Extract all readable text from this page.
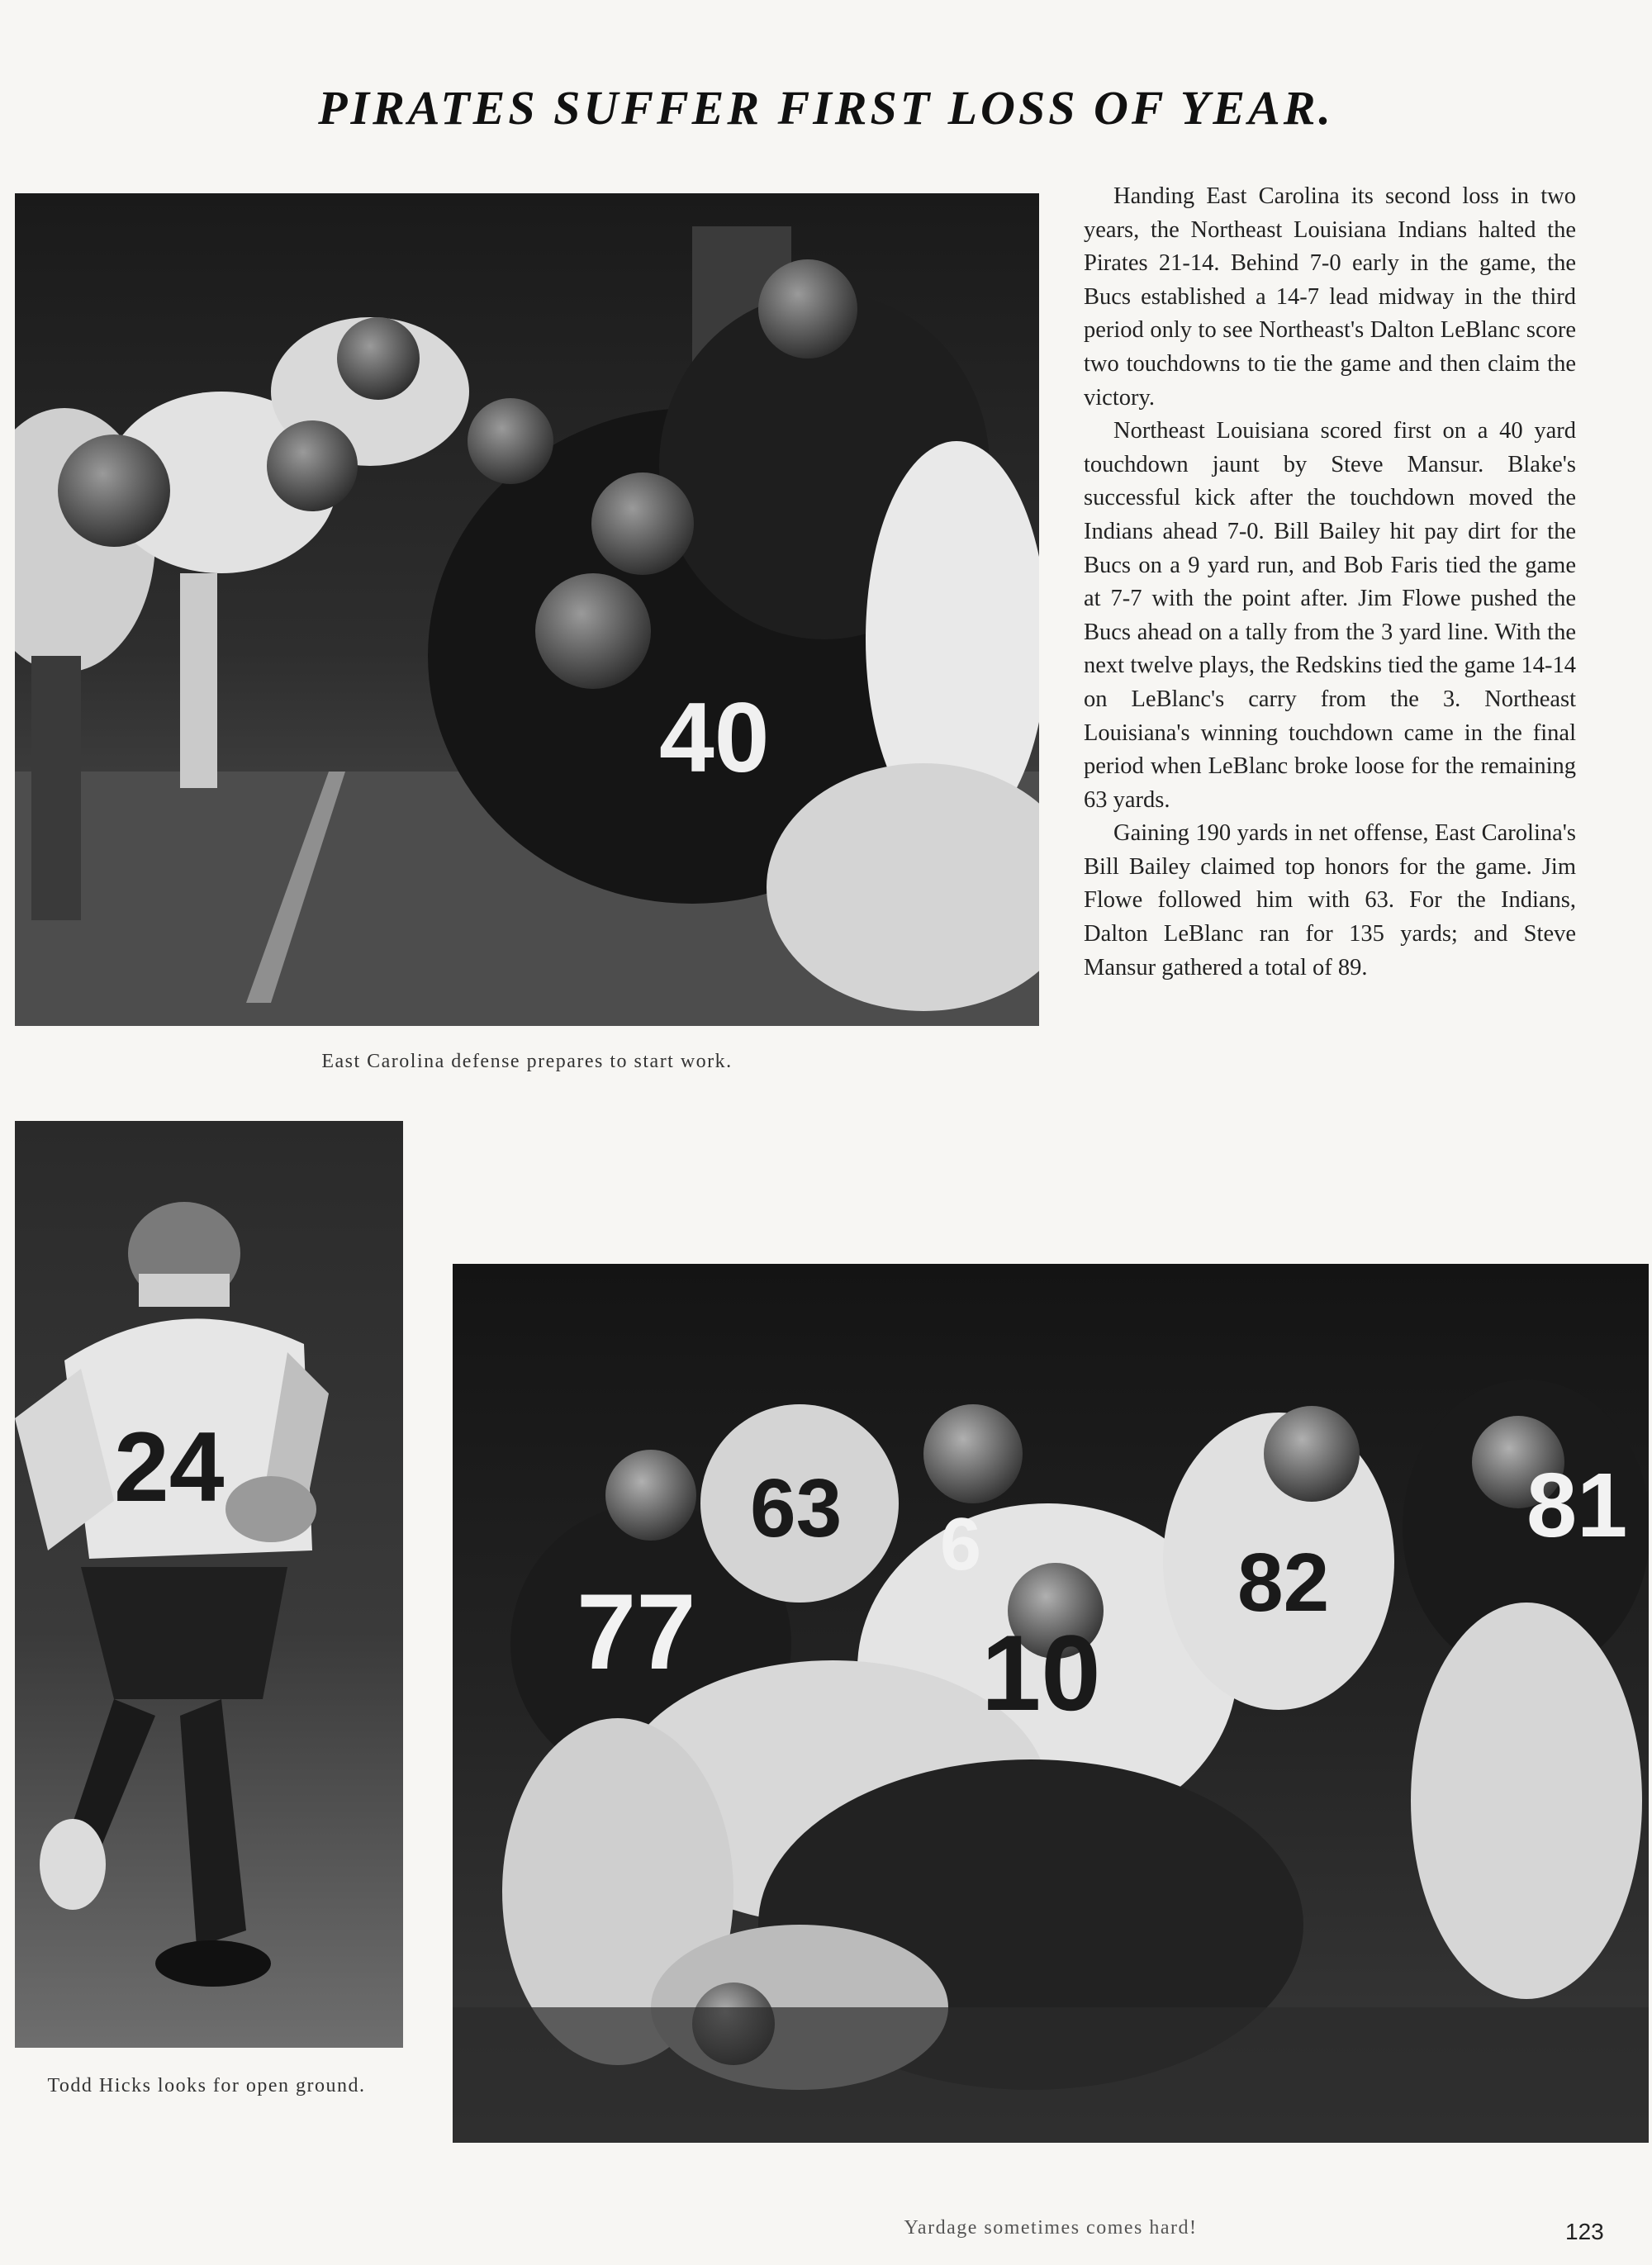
PIRATES SUFFER FIRST LOSS OF YEAR.
40
East Carolina defense prepares to start work.

Handing East Carolina its second loss in two years, the Northeast Louisiana Indians halted the Pirates 21-14. Behind 7-0 early in the game, the Bucs established a 14-7 lead midway in the third period only to see Northeast's Dalton LeBlanc score two touchdowns to tie the game and then claim the victory.

Northeast Louisiana scored first on a 40 yard touchdown jaunt by Steve Mansur. Blake's successful kick after the touchdown moved the Indians ahead 7-0. Bill Bailey hit pay dirt for the Bucs on a 9 yard run, and Bob Faris tied the game at 7-7 with the point after. Jim Flowe pushed the Bucs ahead on a tally from the 3 yard line. With the next twelve plays, the Redskins tied the game 14-14 on LeBlanc's carry from the 3. Northeast Louisiana's winning touchdown came in the final period when LeBlanc broke loose for the remaining 63 yards.

Gaining 190 yards in net offense, East Carolina's Bill Bailey claimed top honors for the game. Jim Flowe followed him with 63. For the Indians, Dalton LeBlanc ran for 135 yards; and Steve Mansur gathered a total of 89.

24
Todd Hicks looks for open ground.
77
63
10
82
81
6
Yardage sometimes comes hard!	123
